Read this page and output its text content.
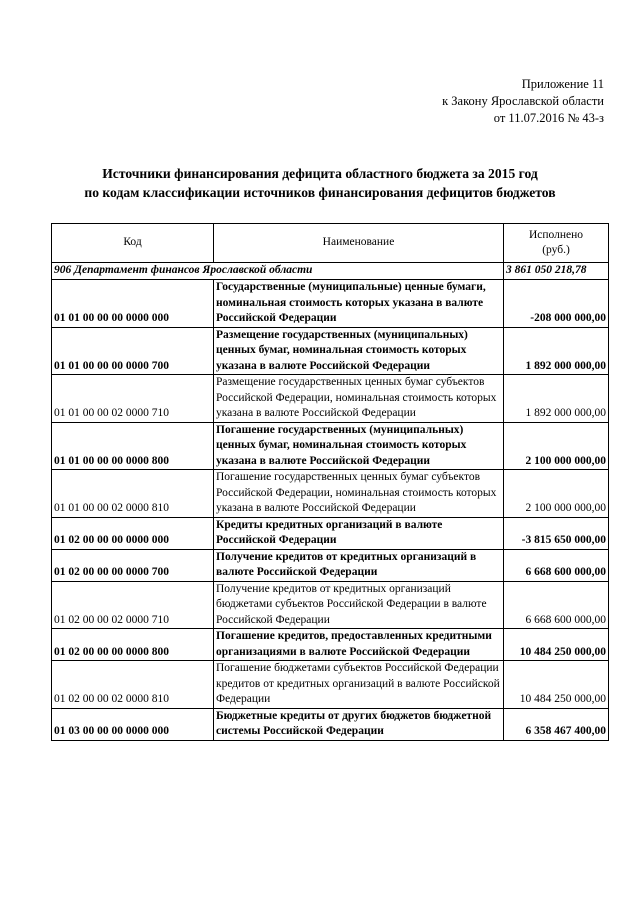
Приложение 11
к Закону Ярославской области
от 11.07.2016 № 43-з
Источники финансирования дефицита областного бюджета за 2015 год
по кодам классификации источников финансирования дефицитов бюджетов
Код	Наименование	Исполнено
(руб.)

906 Департамент финансов Ярославской области		3 861 050 218,78
01 01 00 00 00 0000 000	Государственные (муниципальные) ценные бумаги, номинальная стоимость которых указана в валюте Российской Федерации	-208 000 000,00
01 01 00 00 00 0000 700	Размещение государственных (муниципальных) ценных бумаг, номинальная стоимость которых указана в валюте Российской Федерации	1 892 000 000,00
01 01 00 00 02 0000 710	Размещение государственных ценных бумаг субъектов Российской Федерации, номинальная стоимость которых указана в валюте Российской Федерации	1 892 000 000,00
01 01 00 00 00 0000 800	Погашение государственных (муниципальных) ценных бумаг, номинальная стоимость которых указана в валюте Российской Федерации	2 100 000 000,00
01 01 00 00 02 0000 810	Погашение государственных ценных бумаг субъектов Российской Федерации, номинальная стоимость которых указана в валюте Российской Федерации	2 100 000 000,00
01 02 00 00 00 0000 000	Кредиты кредитных организаций в валюте Российской Федерации	-3 815 650 000,00
01 02 00 00 00 0000 700	Получение кредитов от кредитных организаций в валюте Российской Федерации	6 668 600 000,00
01 02 00 00 02 0000 710	Получение кредитов от кредитных организаций бюджетами субъектов Российской Федерации в валюте Российской Федерации	6 668 600 000,00
01 02 00 00 00 0000 800	Погашение кредитов, предоставленных кредитными организациями в валюте Российской Федерации	10 484 250 000,00
01 02 00 00 02 0000 810	Погашение бюджетами субъектов Российской Федерации кредитов от кредитных организаций в валюте Российской Федерации	10 484 250 000,00
01 03 00 00 00 0000 000	Бюджетные кредиты от других бюджетов бюджетной системы Российской Федерации	6 358 467 400,00
